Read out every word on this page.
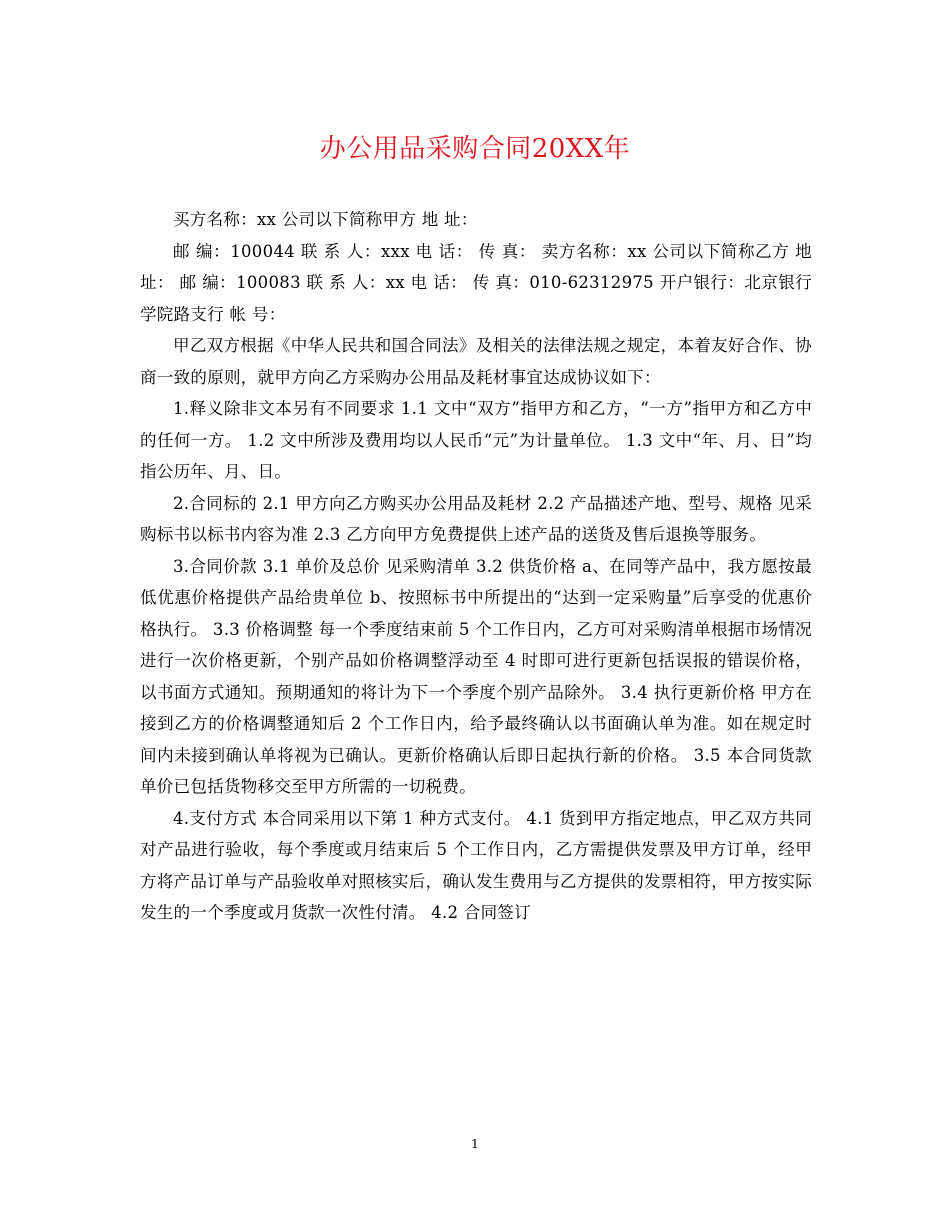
办公用品采购合同20XX年

买方名称：xx 公司以下简称甲方 地 址：

邮 编：100044 联 系 人：xxx 电 话： 传 真： 卖方名称：xx 公司以下简称乙方 地 址： 邮 编：100083 联 系 人：xx 电 话： 传 真：010-62312975 开户银行：北京银行学院路支行 帐 号：

甲乙双方根据《中华人民共和国合同法》及相关的法律法规之规定，本着友好合作、协商一致的原则，就甲方向乙方采购办公用品及耗材事宜达成协议如下：

1.释义除非文本另有不同要求 1.1 文中“双方”指甲方和乙方，“一方”指甲方和乙方中的任何一方。 1.2 文中所涉及费用均以人民币“元”为计量单位。 1.3 文中“年、月、日”均指公历年、月、日。

2.合同标的 2.1 甲方向乙方购买办公用品及耗材 2.2 产品描述产地、型号、规格 见采购标书以标书内容为准 2.3 乙方向甲方免费提供上述产品的送货及售后退换等服务。

3.合同价款 3.1 单价及总价 见采购清单 3.2 供货价格 a、在同等产品中，我方愿按最低优惠价格提供产品给贵单位 b、按照标书中所提出的“达到一定采购量”后享受的优惠价格执行。 3.3 价格调整 每一个季度结束前 5 个工作日内，乙方可对采购清单根据市场情况进行一次价格更新，个别产品如价格调整浮动至 4 时即可进行更新包括误报的错误价格，以书面方式通知。预期通知的将计为下一个季度个别产品除外。 3.4 执行更新价格 甲方在接到乙方的价格调整通知后 2 个工作日内，给予最终确认以书面确认单为准。如在规定时间内未接到确认单将视为已确认。更新价格确认后即日起执行新的价格。 3.5 本合同货款单价已包括货物移交至甲方所需的一切税费。

4.支付方式 本合同采用以下第 1 种方式支付。 4.1 货到甲方指定地点，甲乙双方共同对产品进行验收，每个季度或月结束后 5 个工作日内，乙方需提供发票及甲方订单，经甲方将产品订单与产品验收单对照核实后，确认发生费用与乙方提供的发票相符，甲方按实际发生的一个季度或月货款一次性付清。 4.2 合同签订

1
